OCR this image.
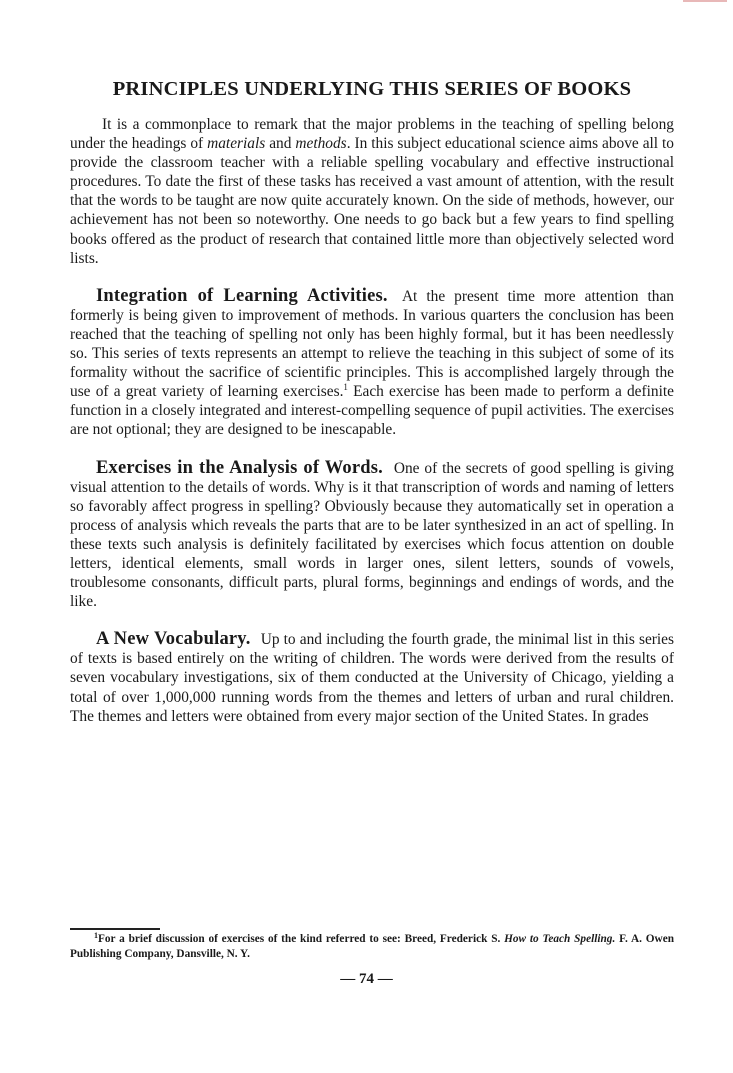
PRINCIPLES UNDERLYING THIS SERIES OF BOOKS

It is a commonplace to remark that the major problems in the teaching of spelling belong under the headings of materials and methods. In this subject educational science aims above all to provide the classroom teacher with a reliable spelling vocabulary and effective instructional procedures. To date the first of these tasks has received a vast amount of attention, with the result that the words to be taught are now quite accurately known. On the side of methods, however, our achievement has not been so noteworthy. One needs to go back but a few years to find spelling books offered as the product of research that contained little more than objectively selected word lists.

Integration of Learning Activities. At the present time more attention than formerly is being given to improvement of methods. In various quarters the conclusion has been reached that the teaching of spelling not only has been highly formal, but it has been needlessly so. This series of texts represents an attempt to relieve the teaching in this subject of some of its formality without the sacrifice of scientific principles. This is accomplished largely through the use of a great variety of learning exercises.$^1$ Each exercise has been made to perform a definite function in a closely integrated and interest-compelling sequence of pupil activities. The exercises are not optional; they are designed to be inescapable.

Exercises in the Analysis of Words. One of the secrets of good spelling is giving visual attention to the details of words. Why is it that transcription of words and naming of letters so favorably affect progress in spelling? Obviously because they automatically set in operation a process of analysis which reveals the parts that are to be later synthesized in an act of spelling. In these texts such analysis is definitely facilitated by exercises which focus attention on double letters, identical elements, small words in larger ones, silent letters, sounds of vowels, troublesome consonants, difficult parts, plural forms, beginnings and endings of words, and the like.

A New Vocabulary. Up to and including the fourth grade, the minimal list in this series of texts is based entirely on the writing of children. The words were derived from the results of seven vocabulary investigations, six of them conducted at the University of Chicago, yielding a total of over 1,000,000 running words from the themes and letters of urban and rural children. The themes and letters were obtained from every major section of the United States. In grades

$^1$For a brief discussion of exercises of the kind referred to see: Breed, Frederick S. How to Teach Spelling. F. A. Owen Publishing Company, Dansville, N. Y.
— 74 —
